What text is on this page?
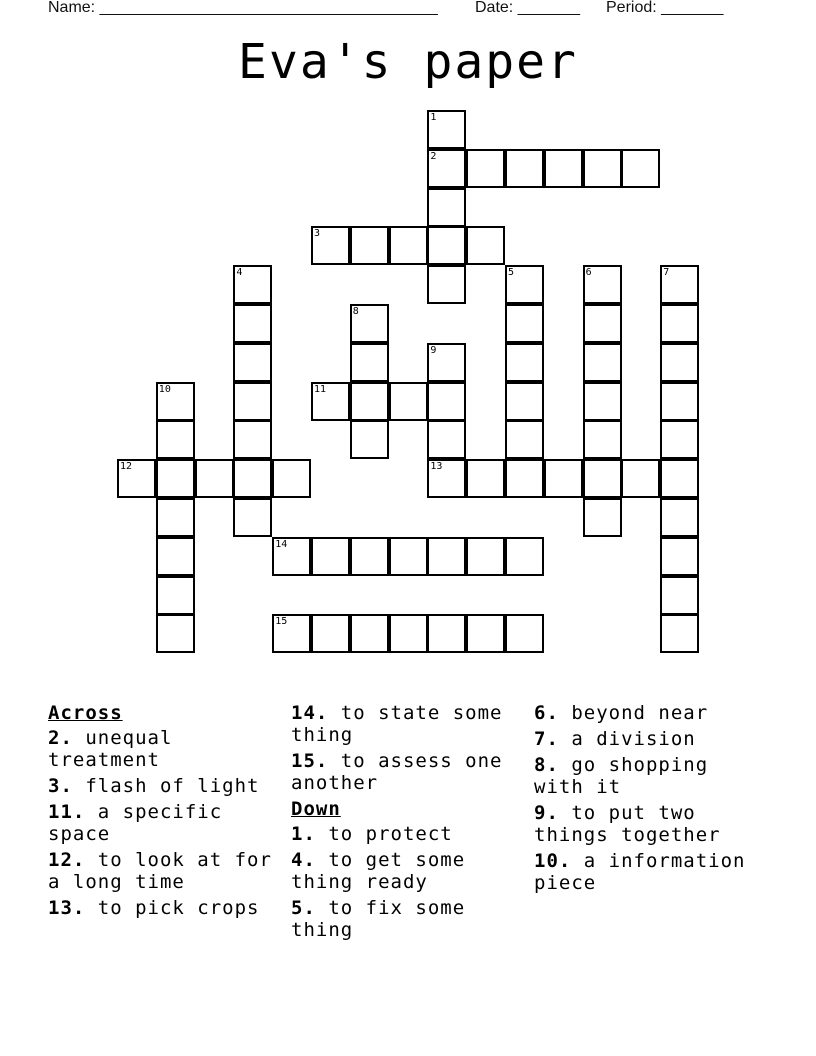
Name: ______________________________________ Date: _______ Period: _______
Eva's paper
1
2
3
4	5	6	7
8
9
13
10	11
12
14
15
Across
2. unequal treatment
3. flash of light
11. a specific space
12. to look at for a long time
13. to pick crops
14. to state some thing
15. to assess one another
Down
1. to protect
4. to get some thing ready
5. to fix some thing
6. beyond near
7. a division
8. go shopping with it
9. to put two things together
10. a information piece
